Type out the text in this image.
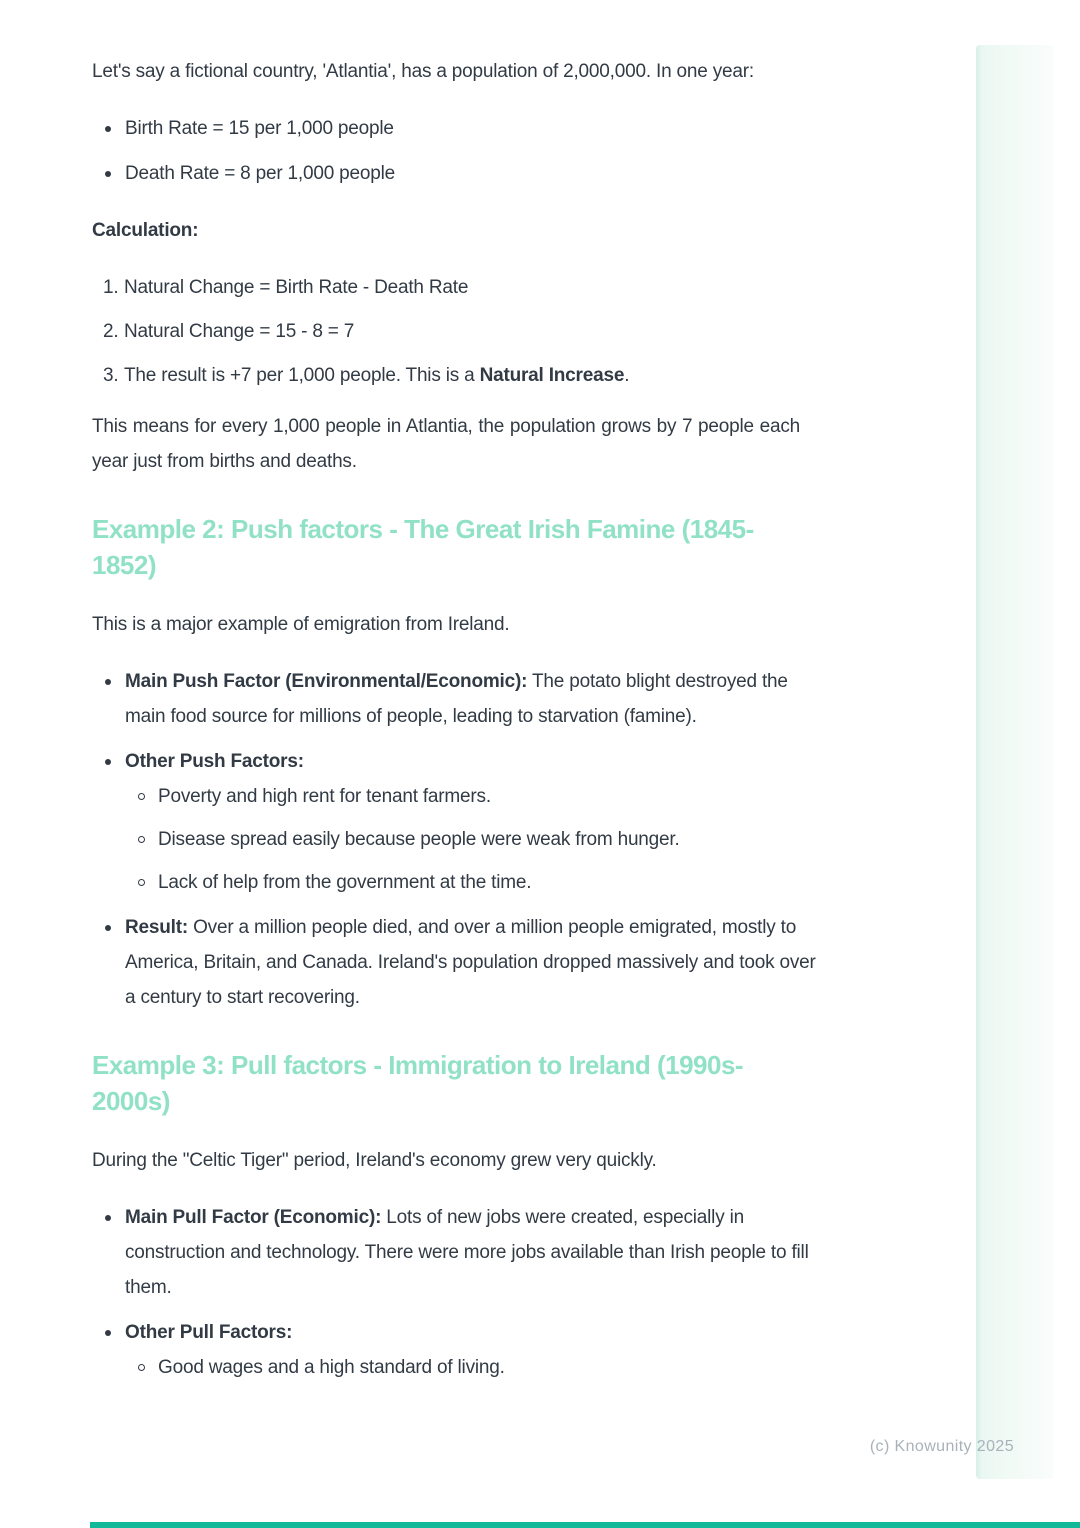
Let's say a fictional country, 'Atlantia', has a population of 2,000,000. In one year:

Birth Rate = 15 per 1,000 people
Death Rate = 8 per 1,000 people

Calculation:

Natural Change = Birth Rate - Death Rate
Natural Change = 15 - 8 = 7
The result is +7 per 1,000 people. This is a Natural Increase.

This means for every 1,000 people in Atlantia, the population grows by 7 people each year just from births and deaths.

Example 2: Push factors - The Great Irish Famine (1845-
1852)

This is a major example of emigration from Ireland.

Main Push Factor (Environmental/Economic): The potato blight destroyed the main food source for millions of people, leading to starvation (famine).
Other Push Factors:
Poverty and high rent for tenant farmers.
Disease spread easily because people were weak from hunger.
Lack of help from the government at the time.
Result: Over a million people died, and over a million people emigrated, mostly to America, Britain, and Canada. Ireland's population dropped massively and took over a century to start recovering.
Example 3: Pull factors - Immigration to Ireland (1990s-
2000s)

During the "Celtic Tiger" period, Ireland's economy grew very quickly.

Main Pull Factor (Economic): Lots of new jobs were created, especially in construction and technology. There were more jobs available than Irish people to fill them.
Other Pull Factors:
Good wages and a high standard of living.
(c) Knowunity 2025
